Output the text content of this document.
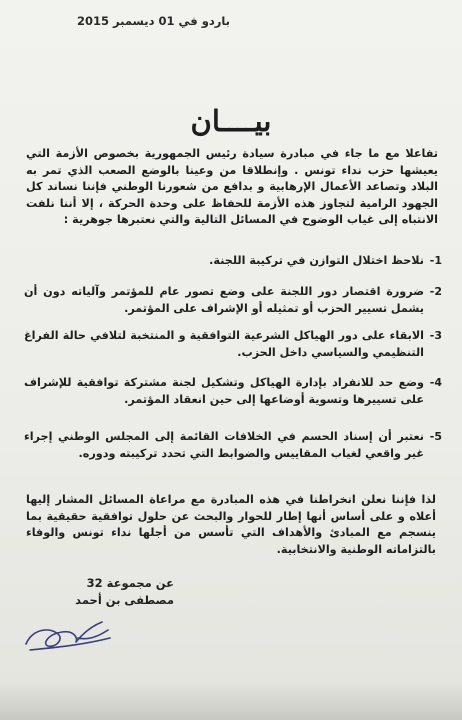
باردو في 01 ديسمبر 2015
بيــــان
تفاعلا مع ما جاء في مبادرة سيادة رئيس الجمهورية بخصوص الأزمة التي يعيشها حزب نداء تونس . وإنطلاقا من وعينا بالوضع الصعب الذي تمر به البلاد وتصاعد الأعمال الإرهابية و بدافع من شعورنا الوطني فإننا نساند كل الجهود الرامية لتجاوز هذه الأزمة للحفاظ على وحدة الحركة ، إلا أننا نلفت الانتباه إلى غياب الوضوح في المسائل التالية والتي نعتبرها جوهرية :
1-
نلاحظ اختلال التوازن في تركيبة اللجنة.
2-
ضرورة اقتصار دور اللجنة على وضع تصور عام للمؤتمر وآلياته دون أن يشمل تسيير الحزب أو تمثيله أو الإشراف على المؤتمر.
3-
الابقاء على دور الهياكل الشرعية التوافقية و المنتخبة لتلافي حالة الفراغ التنظيمي والسياسي داخل الحزب.
4-
وضع حد للانفراد بإدارة الهياكل وتشكيل لجنة مشتركة توافقية للإشراف على تسييرها وتسوية أوضاعها إلى حين انعقاد المؤتمر.
5-
نعتبر أن إسناد الحسم في الخلافات القائمة إلى المجلس الوطني إجراء غير واقعي لغياب المقاييس والضوابط التي تحدد تركيبته ودوره.
لذا فإننا نعلن انخراطنا في هذه المبادرة مع مراعاة المسائل المشار إليها أعلاه و على أساس أنها إطار للحوار والبحث عن حلول توافقية حقيقية بما ينسجم مع المبادئ والأهداف التي تأسس من أجلها نداء تونس والوفاء بالتزاماته الوطنية والانتخابية.
عن مجموعة 32
مصطفى بن أحمد
